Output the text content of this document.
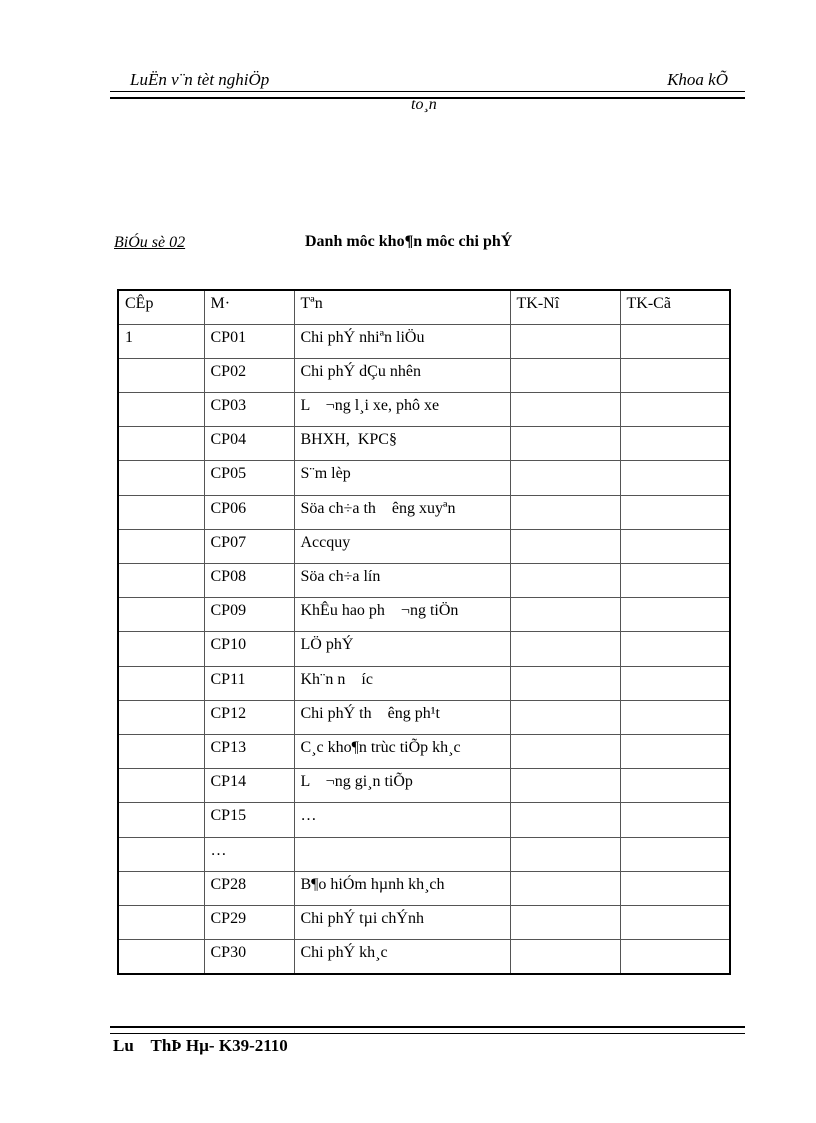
LuËn v¨n tèt nghiÖp	Khoa kÕ
to¸n
BiÓu sè 02	Danh môc kho¶n môc chi phÝ
CÊp	M·	Tªn	TK-Nî	TK-Cã
1	CP01	Chi phÝ nhiªn liÖu		
	CP02	Chi phÝ dÇu nhên		
	CP03	L    ¬ng l¸i xe, phô xe		
	CP04	BHXH,  KPC§		
	CP05	S¨m lèp		
	CP06	Söa ch÷a th    êng xuyªn		
	CP07	Accquy		
	CP08	Söa ch÷a lín		
	CP09	KhÊu hao ph    ¬ng tiÖn		
	CP10	LÖ phÝ		
	CP11	Kh¨n n    íc		
	CP12	Chi phÝ th    êng ph¹t		
	CP13	C¸c kho¶n trùc tiÕp kh¸c		
	CP14	L    ¬ng gi¸n tiÕp		
	CP15	…		
	…			
	CP28	B¶o hiÓm hµnh kh¸ch		
	CP29	Chi phÝ tµi chÝnh		
	CP30	Chi phÝ kh¸c		
Lu    ThÞ Hµ- K39-2110
